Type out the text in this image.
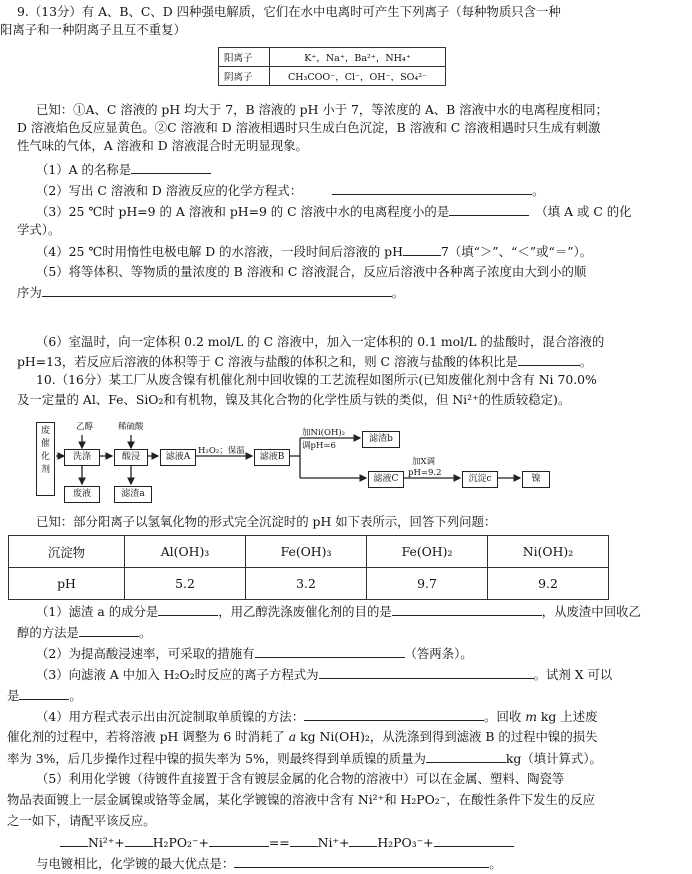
9.（13分）有 A、B、C、D 四种强电解质，它们在水中电离时可产生下列离子（每种物质只含一种
阳离子和一种阴离子且互不重复）
阳离子	K⁺，Na⁺，Ba²⁺，NH₄⁺
阴离子	CH₃COO⁻，Cl⁻，OH⁻，SO₄²⁻
已知：①A、C 溶液的 pH 均大于 7，B 溶液的 pH 小于 7，等浓度的 A、B 溶液中水的电离程度相同；
D 溶液焰色反应显黄色。②C 溶液和 D 溶液相遇时只生成白色沉淀，B 溶液和 C 溶液相遇时只生成有刺激
性气味的气体，A 溶液和 D 溶液混合时无明显现象。
（1）A 的名称是
（2）写出 C 溶液和 D 溶液反应的化学方程式：	。
（3）25 ℃时 pH=9 的 A 溶液和 pH=9 的 C 溶液中水的电离程度小的是　	（填 A 或 C 的化
学式）。
（4）25 ℃时用惰性电极电解 D 的水溶液，一段时间后溶液的 pH	7（填“＞”、“＜”或“＝”）。
（5）将等体积、等物质的量浓度的 B 溶液和 C 溶液混合，反应后溶液中各种离子浓度由大到小的顺
序为	。
（6）室温时，向一定体积 0.2 mol/L 的 C 溶液中，加入一定体积的 0.1 mol/L 的盐酸时，混合溶液的
pH=13，若反应后溶液的体积等于 C 溶液与盐酸的体积之和，则 C 溶液与盐酸的体积比是	。
10.（16分）某工厂从废含镍有机催化剂中回收镍的工艺流程如图所示(已知废催化剂中含有 Ni 70.0%
及一定量的 Al、Fe、SiO₂和有机物，镍及其化合物的化学性质与铁的类似，但 Ni²⁺的性质较稳定)。
废催化剂
乙醇
洗涤
稀硫酸
酸浸	滤液A
H₂O₂；保温
滤液B
加Ni(OH)₂
调pH=6
滤渣b
加X调
pH=9.2
滤液C	沉淀c	镍
废液	滤渣a
已知：部分阳离子以氢氧化物的形式完全沉淀时的 pH 如下表所示，回答下列问题：
沉淀物	Al(OH)₃	Fe(OH)₃	Fe(OH)₂	Ni(OH)₂
pH	5.2	3.2	9.7	9.2
（1）滤渣 a 的成分是	，用乙醇洗涤废催化剂的目的是	，从废渣中回收乙
醇的方法是	。
（2）为提高酸浸速率，可采取的措施有	（答两条）。
（3）向滤液 A 中加入 H₂O₂时反应的离子方程式为	。试剂 X 可以
是	。
（4）用方程式表示出由沉淀制取单质镍的方法：	。回收 m kg 上述废
催化剂的过程中，若将溶液 pH 调整为 6 时消耗了 a kg Ni(OH)₂，从洗涤到得到滤液 B 的过程中镍的损失
率为 3%，后几步操作过程中镍的损失率为 5%，则最终得到单质镍的质量为	kg（填计算式）。
（5）利用化学镀（待镀件直接置于含有镀层金属的化合物的溶液中）可以在金属、塑料、陶瓷等
物品表面镀上一层金属镍或铬等金属，某化学镀镍的溶液中含有 Ni²⁺和 H₂PO₂⁻，在酸性条件下发生的反应
之一如下，请配平该反应。
Ni²⁺+ H₂PO₂⁻+	== Ni⁺+ H₂PO₃⁻+
与电镀相比，化学镀的最大优点是：	。
